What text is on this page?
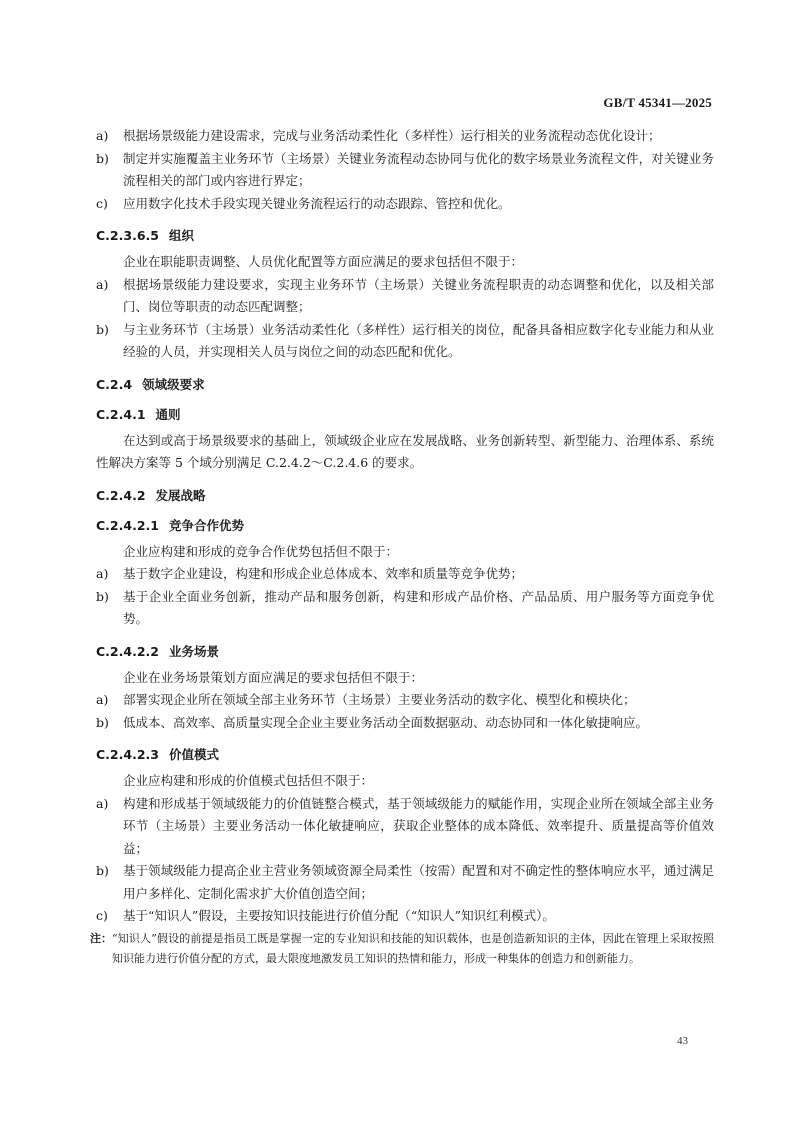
GB/T 45341—2025
a)	根据场景级能力建设需求，完成与业务活动柔性化（多样性）运行相关的业务流程动态优化设计；
b)	制定并实施覆盖主业务环节（主场景）关键业务流程动态协同与优化的数字场景业务流程文件，对关键业务流程相关的部门或内容进行界定；
c)	应用数字化技术手段实现关键业务流程运行的动态跟踪、管控和优化。
C.2.3.6.5 组织
企业在职能职责调整、人员优化配置等方面应满足的要求包括但不限于：
a)	根据场景级能力建设要求，实现主业务环节（主场景）关键业务流程职责的动态调整和优化，以及相关部门、岗位等职责的动态匹配调整；
b)	与主业务环节（主场景）业务活动柔性化（多样性）运行相关的岗位，配备具备相应数字化专业能力和从业经验的人员，并实现相关人员与岗位之间的动态匹配和优化。
C.2.4 领域级要求
C.2.4.1 通则
在达到或高于场景级要求的基础上，领域级企业应在发展战略、业务创新转型、新型能力、治理体系、系统性解决方案等 5 个域分别满足 C.2.4.2～C.2.4.6 的要求。
C.2.4.2 发展战略
C.2.4.2.1 竞争合作优势
企业应构建和形成的竞争合作优势包括但不限于：
a)	基于数字企业建设，构建和形成企业总体成本、效率和质量等竞争优势；
b)	基于企业全面业务创新，推动产品和服务创新，构建和形成产品价格、产品品质、用户服务等方面竞争优势。
C.2.4.2.2 业务场景
企业在业务场景策划方面应满足的要求包括但不限于：
a)	部署实现企业所在领域全部主业务环节（主场景）主要业务活动的数字化、模型化和模块化；
b)	低成本、高效率、高质量实现全企业主要业务活动全面数据驱动、动态协同和一体化敏捷响应。
C.2.4.2.3 价值模式
企业应构建和形成的价值模式包括但不限于：
a)	构建和形成基于领域级能力的价值链整合模式，基于领域级能力的赋能作用，实现企业所在领域全部主业务环节（主场景）主要业务活动一体化敏捷响应，获取企业整体的成本降低、效率提升、质量提高等价值效益；
b)	基于领域级能力提高企业主营业务领域资源全局柔性（按需）配置和对不确定性的整体响应水平，通过满足用户多样化、定制化需求扩大价值创造空间；
c)	基于“知识人”假设，主要按知识技能进行价值分配（“知识人”知识红利模式）。
注： “知识人”假设的前提是指员工既是掌握一定的专业知识和技能的知识载体，也是创造新知识的主体，因此在管理上采取按照知识能力进行价值分配的方式，最大限度地激发员工知识的热情和能力，形成一种集体的创造力和创新能力。
43
